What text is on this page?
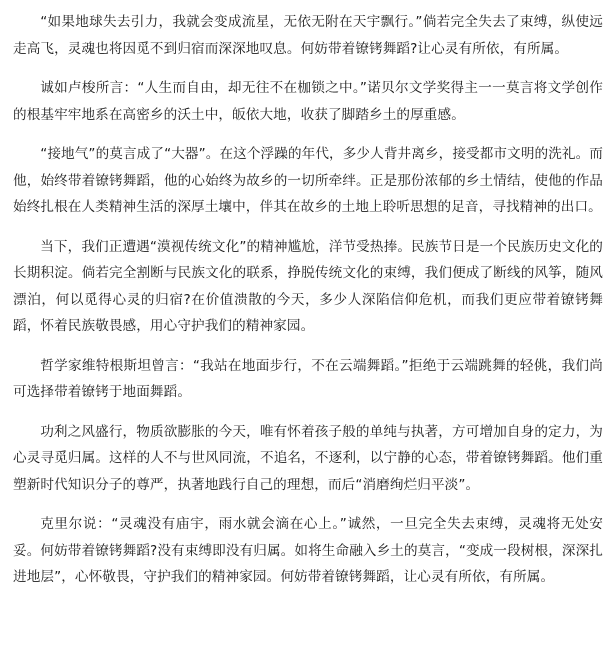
“如果地球失去引力，我就会变成流星，无依无附在天宇飘行。”倘若完全失去了束缚，纵使远走高飞，灵魂也将因觅不到归宿而深深地叹息。何妨带着镣铐舞蹈?让心灵有所依，有所属。

诚如卢梭所言：“人生而自由，却无往不在枷锁之中。”诺贝尔文学奖得主一一莫言将文学创作的根基牢牢地系在高密乡的沃土中，皈依大地，收获了脚踏乡土的厚重感。

“接地气”的莫言成了“大器”。在这个浮躁的年代，多少人背井离乡，接受都市文明的洗礼。而他，始终带着镣铐舞蹈，他的心始终为故乡的一切所牵绊。正是那份浓郁的乡土情结，使他的作品始终扎根在人类精神生活的深厚土壤中，伴其在故乡的土地上聆听思想的足音，寻找精神的出口。

当下，我们正遭遇“漠视传统文化”的精神尴尬，洋节受热捧。民族节日是一个民族历史文化的长期积淀。倘若完全割断与民族文化的联系，挣脱传统文化的束缚，我们便成了断线的风筝，随风漂泊，何以觅得心灵的归宿?在价值溃散的今天，多少人深陷信仰危机，而我们更应带着镣铐舞蹈，怀着民族敬畏感，用心守护我们的精神家园。

哲学家维特根斯坦曾言：“我站在地面步行，不在云端舞蹈。”拒绝于云端跳舞的轻佻，我们尚可选择带着镣铐于地面舞蹈。

功利之风盛行，物质欲膨胀的今天，唯有怀着孩子般的单纯与执著，方可增加自身的定力，为心灵寻觅归属。这样的人不与世风同流，不追名，不逐利，以宁静的心态，带着镣铐舞蹈。他们重塑新时代知识分子的尊严，执著地践行自己的理想，而后“消磨绚烂归平淡”。

克里尔说：“灵魂没有庙宇，雨水就会滴在心上。”诚然，一旦完全失去束缚，灵魂将无处安妥。何妨带着镣铐舞蹈?没有束缚即没有归属。如将生命融入乡土的莫言，“变成一段树根，深深扎进地层”，心怀敬畏，守护我们的精神家园。何妨带着镣铐舞蹈，让心灵有所依，有所属。
